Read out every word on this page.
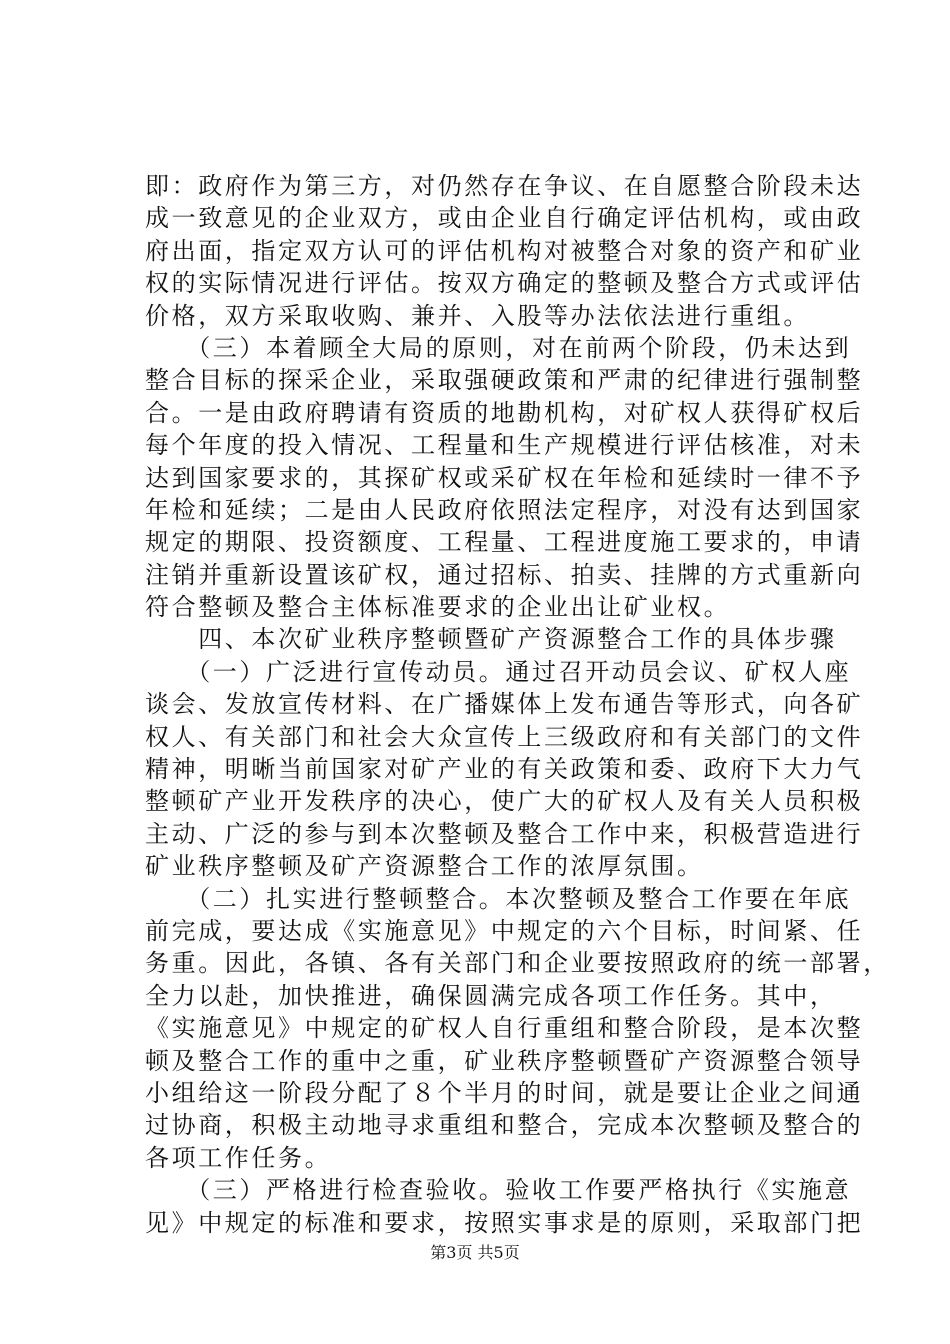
即：政府作为第三方，对仍然存在争议、在自愿整合阶段未达
成一致意见的企业双方，或由企业自行确定评估机构，或由政
府出面，指定双方认可的评估机构对被整合对象的资产和矿业
权的实际情况进行评估。按双方确定的整顿及整合方式或评估
价格，双方采取收购、兼并、入股等办法依法进行重组。
　　（三）本着顾全大局的原则，对在前两个阶段，仍未达到
整合目标的探采企业，采取强硬政策和严肃的纪律进行强制整
合。一是由政府聘请有资质的地勘机构，对矿权人获得矿权后
每个年度的投入情况、工程量和生产规模进行评估核准，对未
达到国家要求的，其探矿权或采矿权在年检和延续时一律不予
年检和延续；二是由人民政府依照法定程序，对没有达到国家
规定的期限、投资额度、工程量、工程进度施工要求的，申请
注销并重新设置该矿权，通过招标、拍卖、挂牌的方式重新向
符合整顿及整合主体标准要求的企业出让矿业权。
　　四、本次矿业秩序整顿暨矿产资源整合工作的具体步骤
　　（一）广泛进行宣传动员。通过召开动员会议、矿权人座
谈会、发放宣传材料、在广播媒体上发布通告等形式，向各矿
权人、有关部门和社会大众宣传上三级政府和有关部门的文件
精神，明晰当前国家对矿产业的有关政策和委、政府下大力气
整顿矿产业开发秩序的决心，使广大的矿权人及有关人员积极
主动、广泛的参与到本次整顿及整合工作中来，积极营造进行
矿业秩序整顿及矿产资源整合工作的浓厚氛围。
　　（二）扎实进行整顿整合。本次整顿及整合工作要在年底
前完成，要达成《实施意见》中规定的六个目标，时间紧、任
务重。因此，各镇、各有关部门和企业要按照政府的统一部署，
全力以赴，加快推进，确保圆满完成各项工作任务。其中，
《实施意见》中规定的矿权人自行重组和整合阶段，是本次整
顿及整合工作的重中之重，矿业秩序整顿暨矿产资源整合领导
小组给这一阶段分配了８个半月的时间，就是要让企业之间通
过协商，积极主动地寻求重组和整合，完成本次整顿及整合的
各项工作任务。
　　（三）严格进行检查验收。验收工作要严格执行《实施意
见》中规定的标准和要求，按照实事求是的原则，采取部门把
第3页 共5页
